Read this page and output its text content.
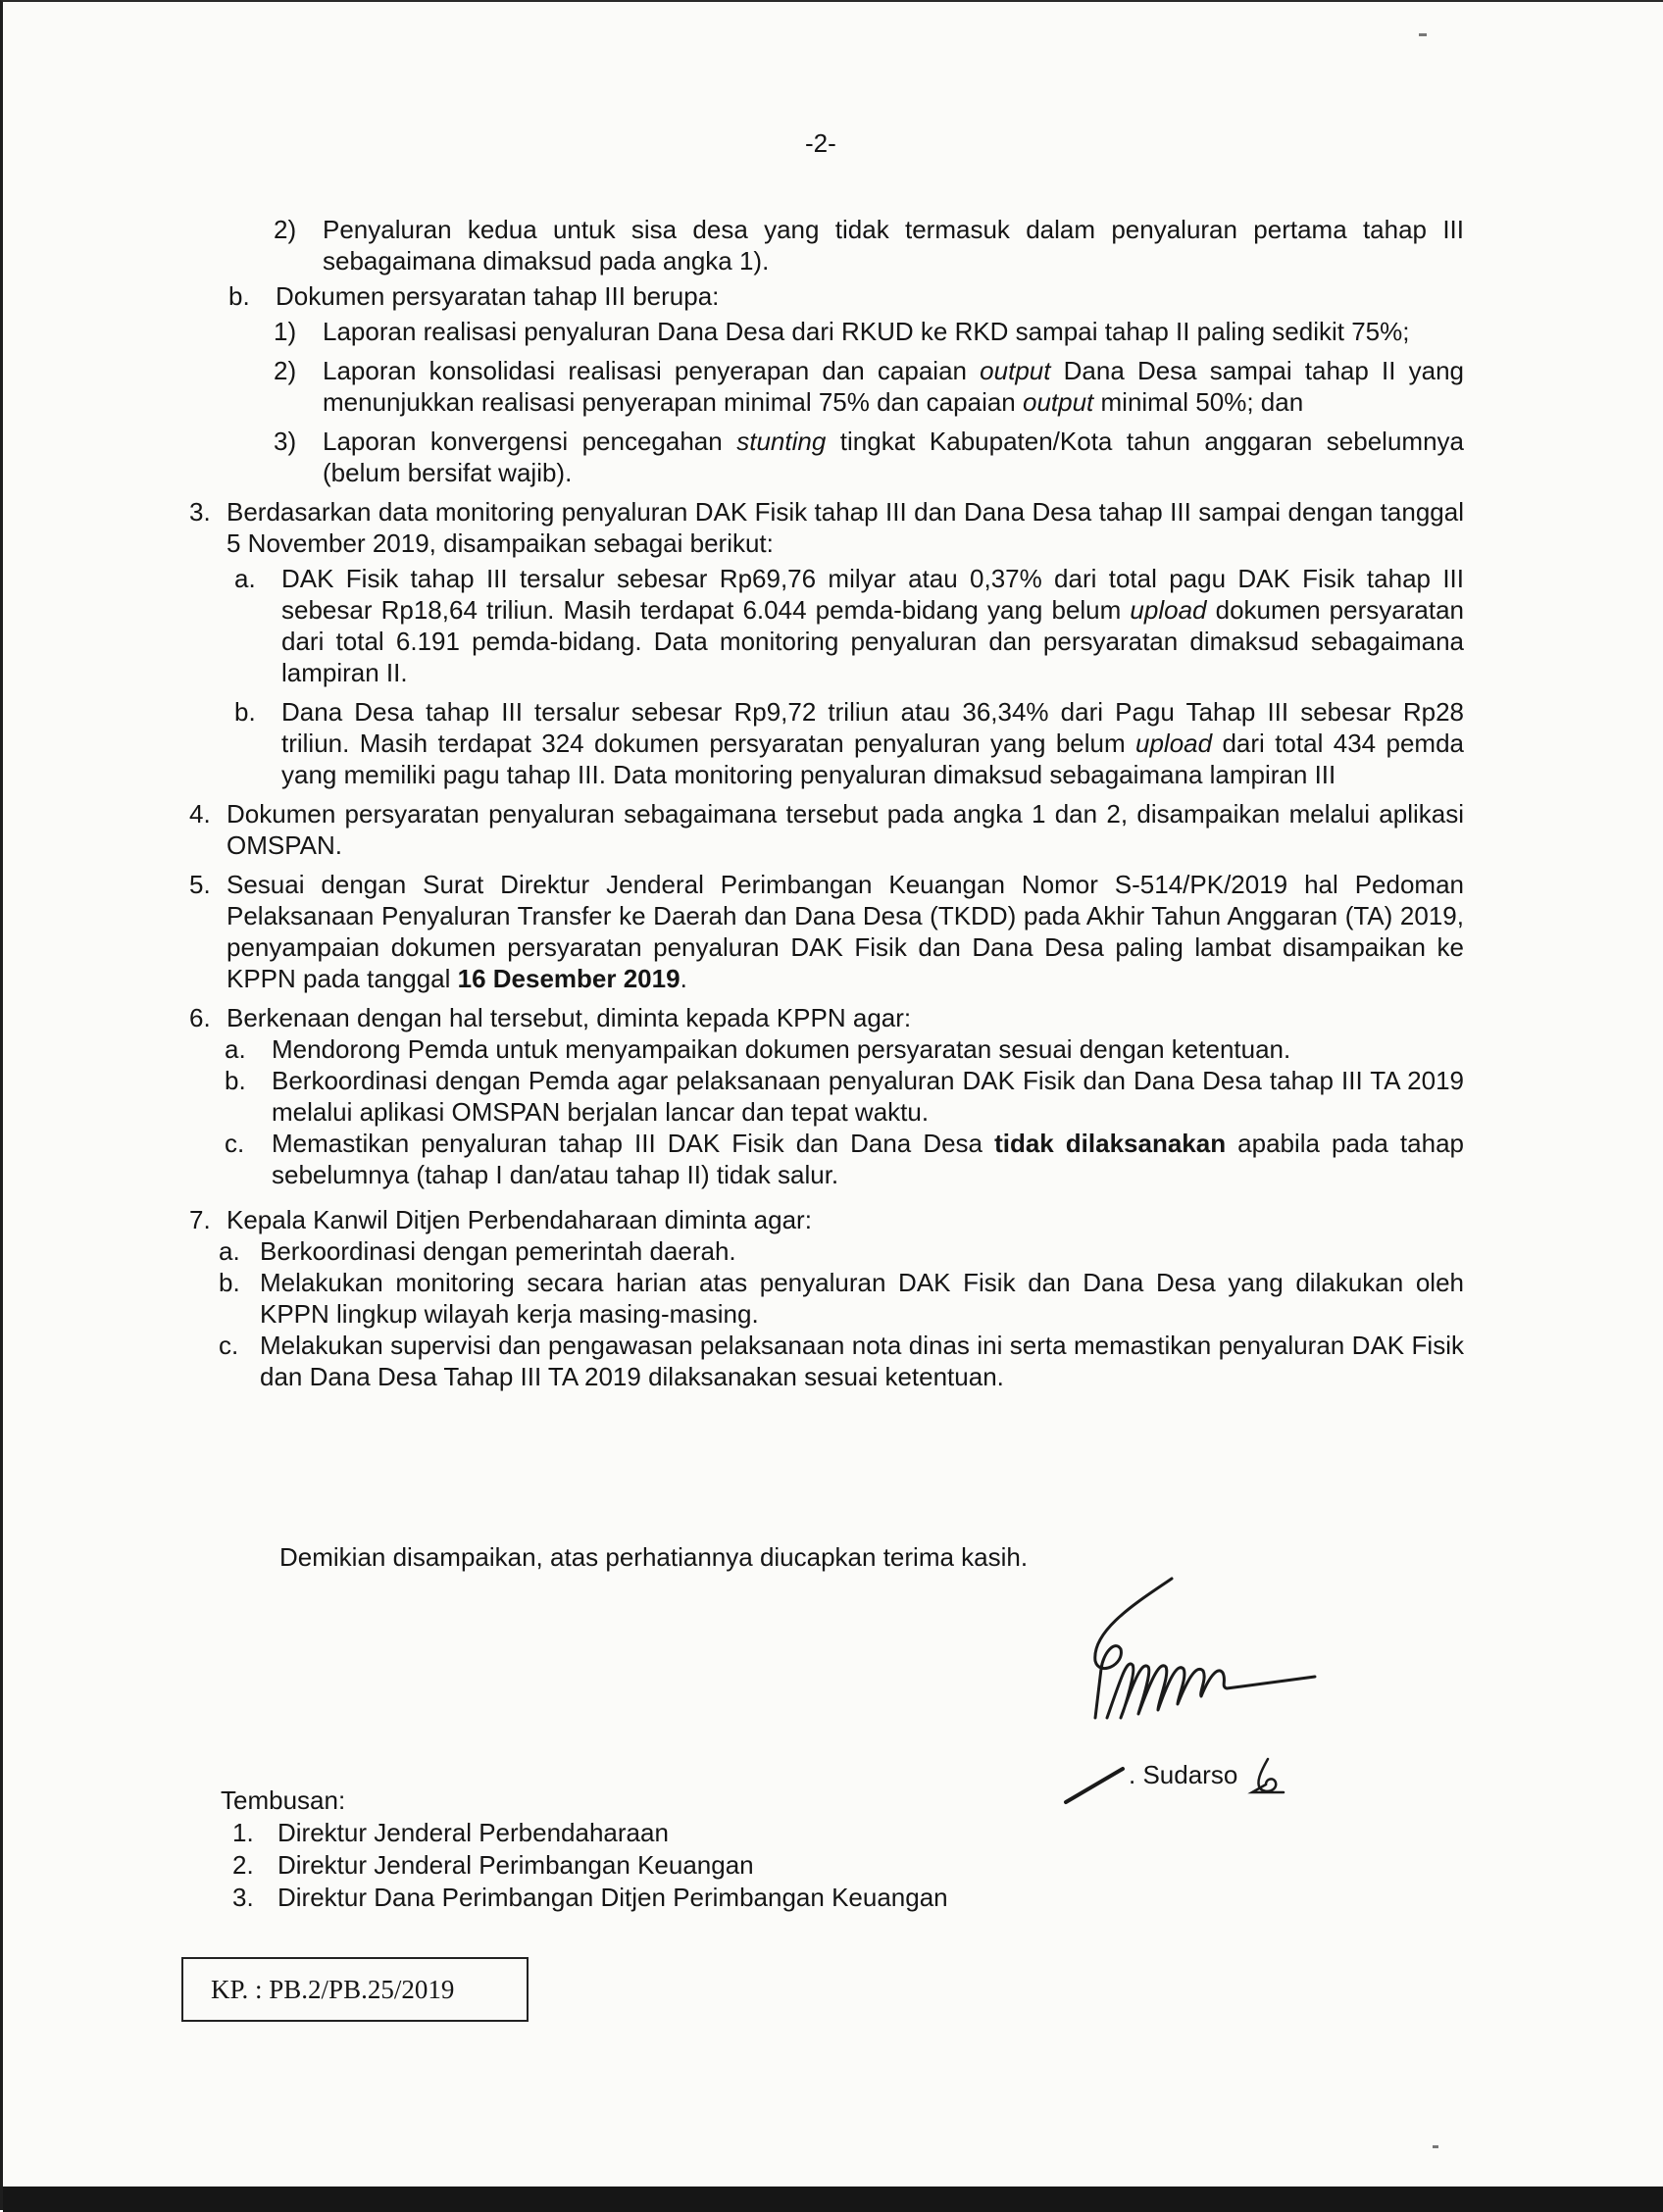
-2-
2) Penyaluran kedua untuk sisa desa yang tidak termasuk dalam penyaluran pertama tahap III sebagaimana dimaksud pada angka 1).

b. Dokumen persyaratan tahap III berupa:

1) Laporan realisasi penyaluran Dana Desa dari RKUD ke RKD sampai tahap II paling sedikit 75%;

2) Laporan konsolidasi realisasi penyerapan dan capaian output Dana Desa sampai tahap II yang menunjukkan realisasi penyerapan minimal 75% dan capaian output minimal 50%; dan

3) Laporan konvergensi pencegahan stunting tingkat Kabupaten/Kota tahun anggaran sebelumnya (belum bersifat wajib).

3. Berdasarkan data monitoring penyaluran DAK Fisik tahap III dan Dana Desa tahap III sampai dengan tanggal 5 November 2019, disampaikan sebagai berikut:

a. DAK Fisik tahap III tersalur sebesar Rp69,76 milyar atau 0,37% dari total pagu DAK Fisik tahap III sebesar Rp18,64 triliun. Masih terdapat 6.044 pemda-bidang yang belum upload dokumen persyaratan dari total 6.191 pemda-bidang. Data monitoring penyaluran dan persyaratan dimaksud sebagaimana lampiran II.

b. Dana Desa tahap III tersalur sebesar Rp9,72 triliun atau 36,34% dari Pagu Tahap III sebesar Rp28 triliun. Masih terdapat 324 dokumen persyaratan penyaluran yang belum upload dari total 434 pemda yang memiliki pagu tahap III. Data monitoring penyaluran dimaksud sebagaimana lampiran III

4. Dokumen persyaratan penyaluran sebagaimana tersebut pada angka 1 dan 2, disampaikan melalui aplikasi OMSPAN.

5. Sesuai dengan Surat Direktur Jenderal Perimbangan Keuangan Nomor S-514/PK/2019 hal Pedoman Pelaksanaan Penyaluran Transfer ke Daerah dan Dana Desa (TKDD) pada Akhir Tahun Anggaran (TA) 2019, penyampaian dokumen persyaratan penyaluran DAK Fisik dan Dana Desa paling lambat disampaikan ke KPPN pada tanggal 16 Desember 2019.

6. Berkenaan dengan hal tersebut, diminta kepada KPPN agar:

a. Mendorong Pemda untuk menyampaikan dokumen persyaratan sesuai dengan ketentuan.

b. Berkoordinasi dengan Pemda agar pelaksanaan penyaluran DAK Fisik dan Dana Desa tahap III TA 2019 melalui aplikasi OMSPAN berjalan lancar dan tepat waktu.

c. Memastikan penyaluran tahap III DAK Fisik dan Dana Desa tidak dilaksanakan apabila pada tahap sebelumnya (tahap I dan/atau tahap II) tidak salur.

7. Kepala Kanwil Ditjen Perbendaharaan diminta agar:

a. Berkoordinasi dengan pemerintah daerah.

b. Melakukan monitoring secara harian atas penyaluran DAK Fisik dan Dana Desa yang dilakukan oleh KPPN lingkup wilayah kerja masing-masing.

c. Melakukan supervisi dan pengawasan pelaksanaan nota dinas ini serta memastikan penyaluran DAK Fisik dan Dana Desa Tahap III TA 2019 dilaksanakan sesuai ketentuan.

Demikian disampaikan, atas perhatiannya diucapkan terima kasih.
. Sudarso
Tembusan:
1. Direktur Jenderal Perbendaharaan
2. Direktur Jenderal Perimbangan Keuangan
3. Direktur Dana Perimbangan Ditjen Perimbangan Keuangan
KP. : PB.2/PB.25/2019
